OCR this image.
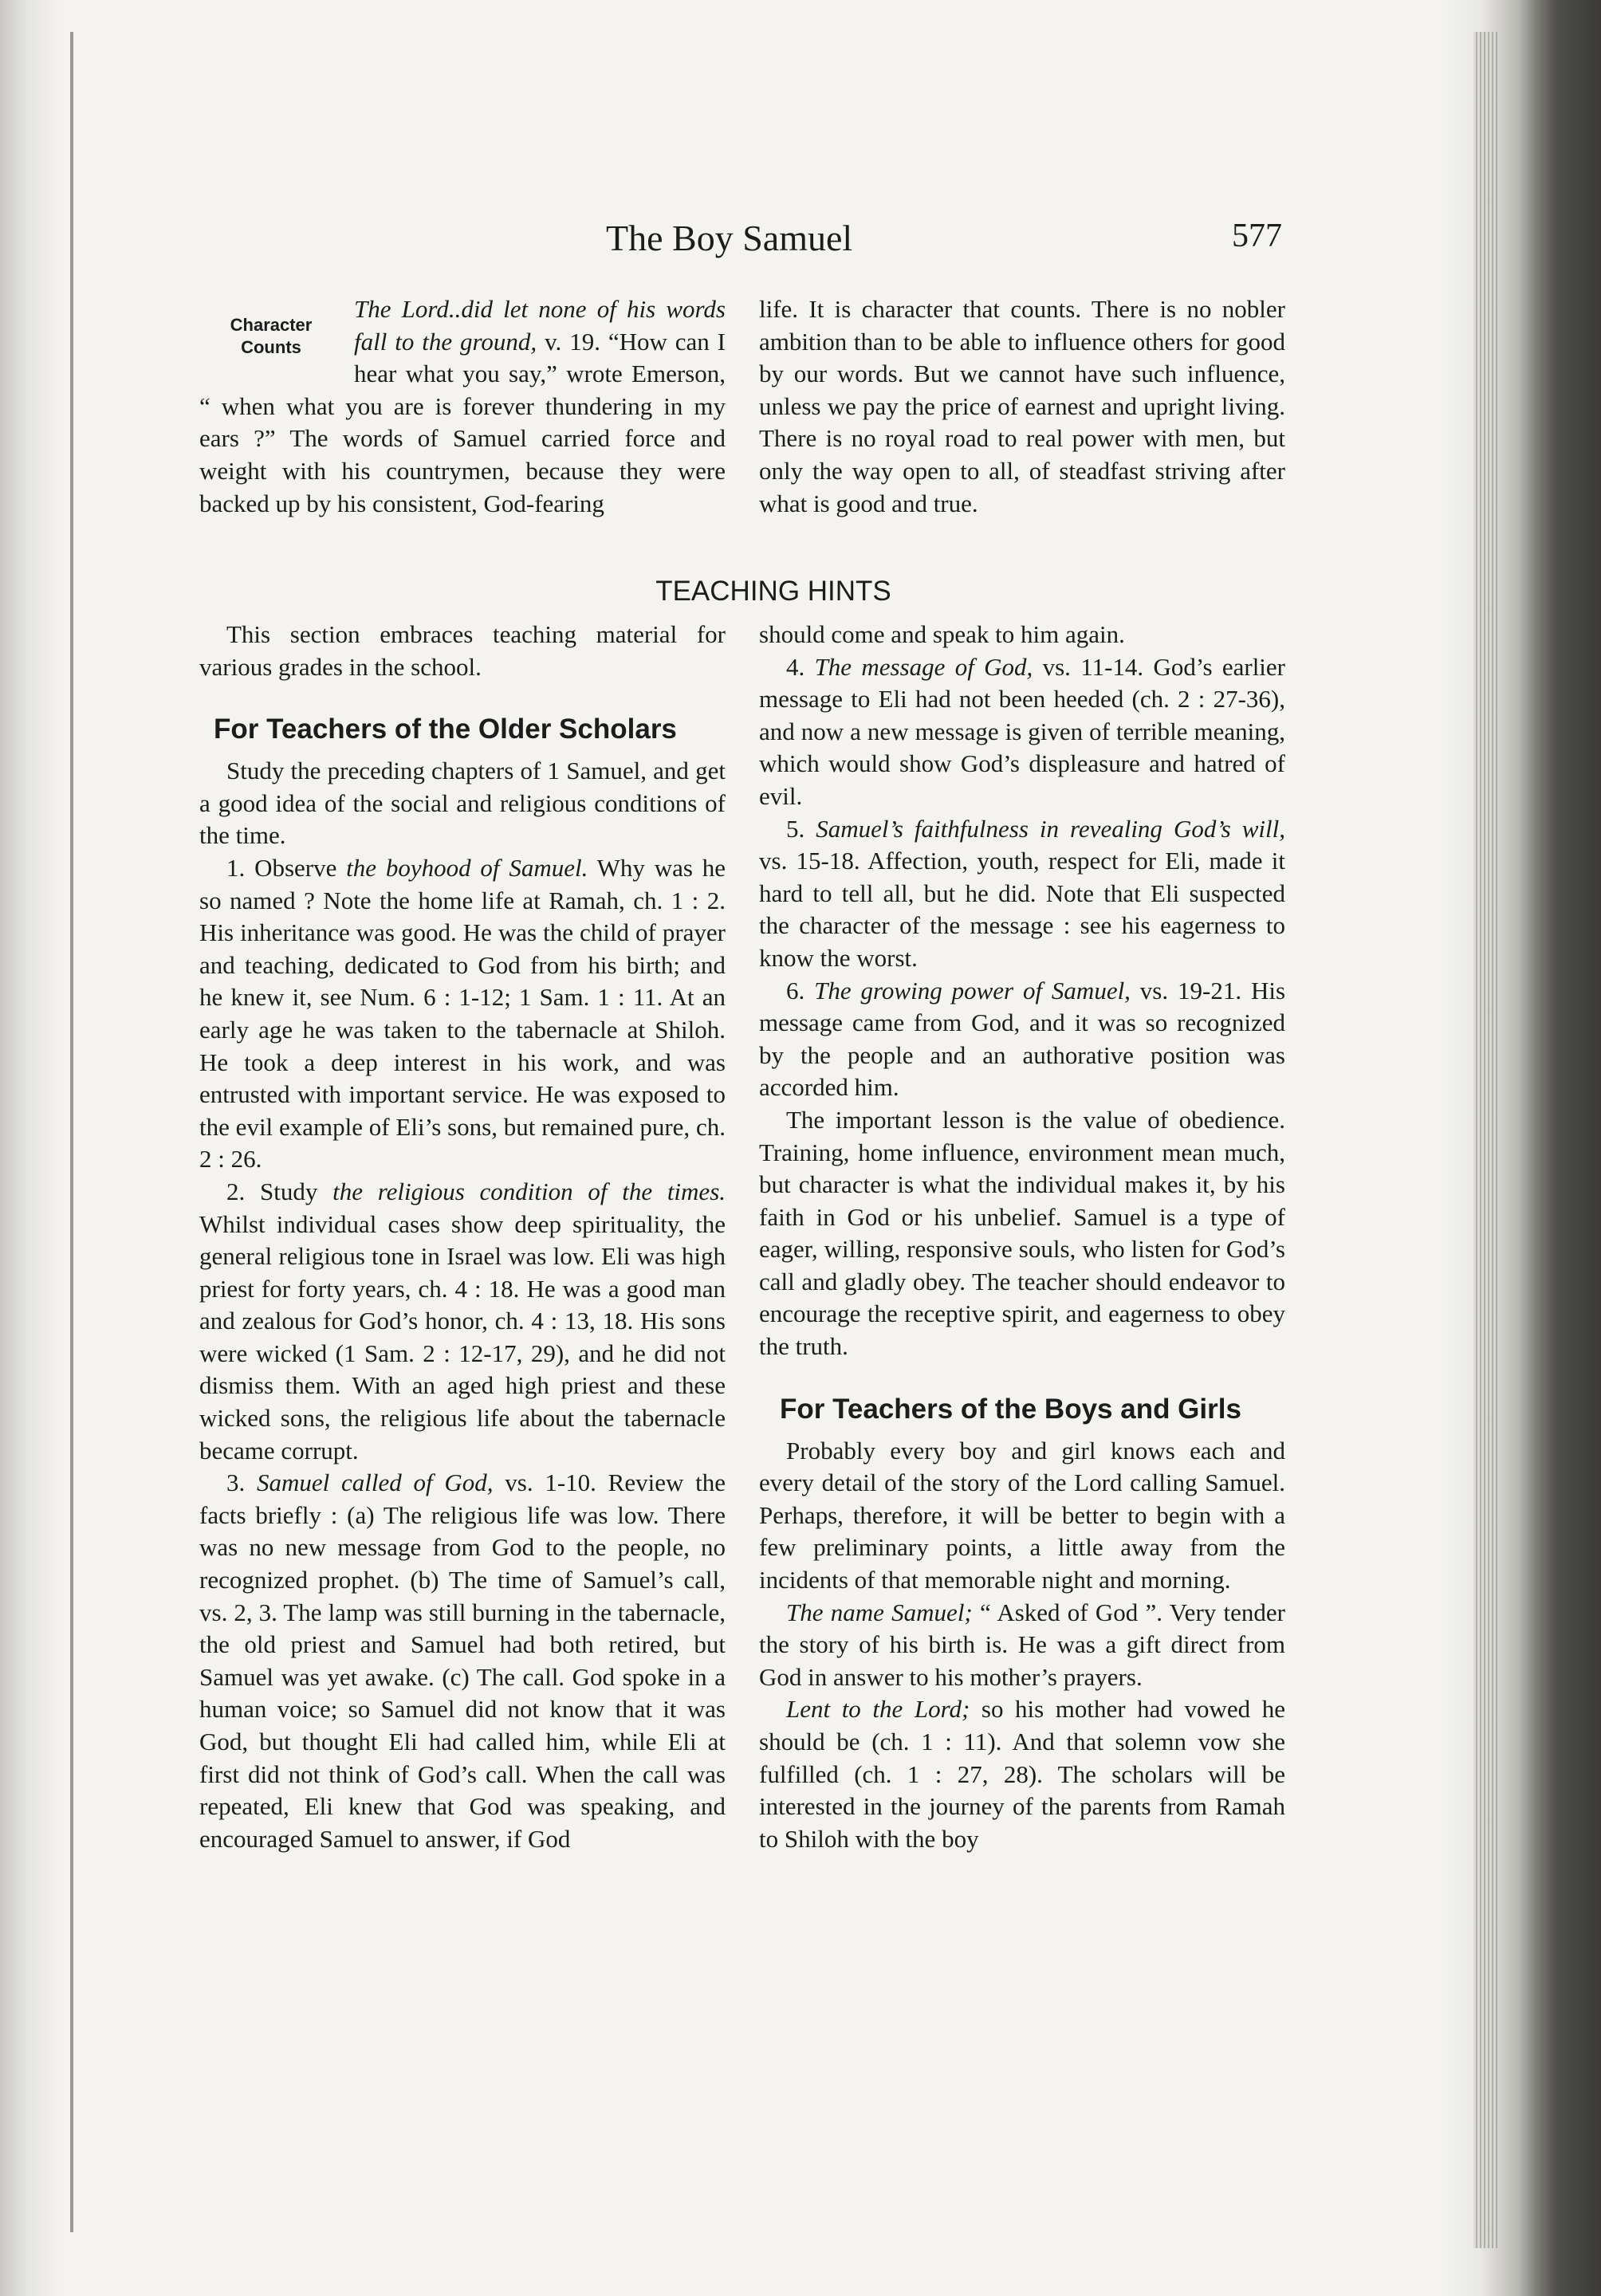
The Boy Samuel	577
Character
Counts

The Lord..did let none of his words fall to the ground, v. 19. “How can I hear what you say,” wrote Emerson, “ when what you are is forever thundering in my ears ?” The words of Samuel carried force and weight with his countrymen, because they were backed up by his consistent, God-fearing

life. It is character that counts. There is no nobler ambition than to be able to influence others for good by our words. But we cannot have such influence, unless we pay the price of earnest and upright living. There is no royal road to real power with men, but only the way open to all, of steadfast striving after what is good and true.

TEACHING HINTS

This section embraces teaching material for various grades in the school.

For Teachers of the Older Scholars

Study the preceding chapters of 1 Samuel, and get a good idea of the social and religious conditions of the time.

1. Observe the boyhood of Samuel. Why was he so named ? Note the home life at Ramah, ch. 1 : 2. His inheritance was good. He was the child of prayer and teaching, dedicated to God from his birth; and he knew it, see Num. 6 : 1-12; 1 Sam. 1 : 11. At an early age he was taken to the tabernacle at Shiloh. He took a deep interest in his work, and was entrusted with important service. He was exposed to the evil example of Eli’s sons, but remained pure, ch. 2 : 26.

2. Study the religious condition of the times. Whilst individual cases show deep spirituality, the general religious tone in Israel was low. Eli was high priest for forty years, ch. 4 : 18. He was a good man and zealous for God’s honor, ch. 4 : 13, 18. His sons were wicked (1 Sam. 2 : 12-17, 29), and he did not dismiss them. With an aged high priest and these wicked sons, the religious life about the tabernacle became corrupt.

3. Samuel called of God, vs. 1-10. Review the facts briefly : (a) The religious life was low. There was no new message from God to the people, no recognized prophet. (b) The time of Samuel’s call, vs. 2, 3. The lamp was still burning in the tabernacle, the old priest and Samuel had both retired, but Samuel was yet awake. (c) The call. God spoke in a human voice; so Samuel did not know that it was God, but thought Eli had called him, while Eli at first did not think of God’s call. When the call was repeated, Eli knew that God was speaking, and encouraged Samuel to answer, if God

should come and speak to him again.

4. The message of God, vs. 11-14. God’s earlier message to Eli had not been heeded (ch. 2 : 27-36), and now a new message is given of terrible meaning, which would show God’s displeasure and hatred of evil.

5. Samuel’s faithfulness in revealing God’s will, vs. 15-18. Affection, youth, respect for Eli, made it hard to tell all, but he did. Note that Eli suspected the character of the message : see his eagerness to know the worst.

6. The growing power of Samuel, vs. 19-21. His message came from God, and it was so recognized by the people and an authorative position was accorded him.

The important lesson is the value of obedience. Training, home influence, environment mean much, but character is what the individual makes it, by his faith in God or his unbelief. Samuel is a type of eager, willing, responsive souls, who listen for God’s call and gladly obey. The teacher should endeavor to encourage the receptive spirit, and eagerness to obey the truth.

For Teachers of the Boys and Girls

Probably every boy and girl knows each and every detail of the story of the Lord calling Samuel. Perhaps, therefore, it will be better to begin with a few preliminary points, a little away from the incidents of that memorable night and morning.

The name Samuel; “ Asked of God ”. Very tender the story of his birth is. He was a gift direct from God in answer to his mother’s prayers.

Lent to the Lord; so his mother had vowed he should be (ch. 1 : 11). And that solemn vow she fulfilled (ch. 1 : 27, 28). The scholars will be interested in the journey of the parents from Ramah to Shiloh with the boy
